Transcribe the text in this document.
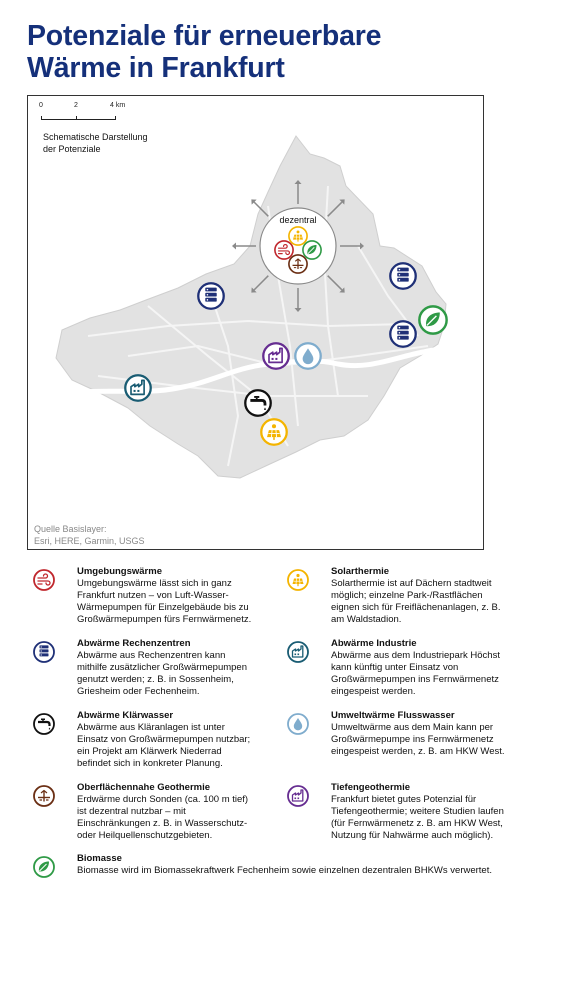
Potenziale für erneuerbare
Wärme in Frankfurt
dezentral
0	2	4 km
Schematische Darstellung
der Potenziale
Quelle Basislayer:
Esri, HERE, Garmin, USGS
Umgebungswärme
Umgebungswärme lässt sich in ganz
Frankfurt nutzen – von Luft-Wasser-
Wärmepumpen für Einzelgebäude bis zu
Großwärmepumpen fürs Fernwärmenetz.
Solarthermie
Solarthermie ist auf Dächern stadtweit
möglich; einzelne Park-/Rastflächen
eignen sich für Freiflächenanlagen, z. B.
am Waldstadion.
Abwärme Rechenzentren
Abwärme aus Rechenzentren kann
mithilfe zusätzlicher Großwärmepumpen
genutzt werden; z. B. in Sossenheim,
Griesheim oder Fechenheim.
Abwärme Industrie
Abwärme aus dem Industriepark Höchst
kann künftig unter Einsatz von
Großwärmepumpen ins Fernwärmenetz
eingespeist werden.
Abwärme Klärwasser
Abwärme aus Kläranlagen ist unter
Einsatz von Großwärmepumpen nutzbar;
ein Projekt am Klärwerk Niederrad
befindet sich in konkreter Planung.
Umweltwärme Flusswasser
Umweltwärme aus dem Main kann per
Großwärmepumpe ins Fernwärmenetz
eingespeist werden, z. B. am HKW West.
Oberflächennahe Geothermie
Erdwärme durch Sonden (ca. 100 m tief)
ist dezentral nutzbar – mit
Einschränkungen z. B. in Wasserschutz-
oder Heilquellenschutzgebieten.
Tiefengeothermie
Frankfurt bietet gutes Potenzial für
Tiefengeothermie; weitere Studien laufen
(für Fernwärmenetz z. B. am HKW West,
Nutzung für Nahwärme auch möglich).
Biomasse
Biomasse wird im Biomassekraftwerk Fechenheim sowie einzelnen dezentralen BHKWs verwertet.
